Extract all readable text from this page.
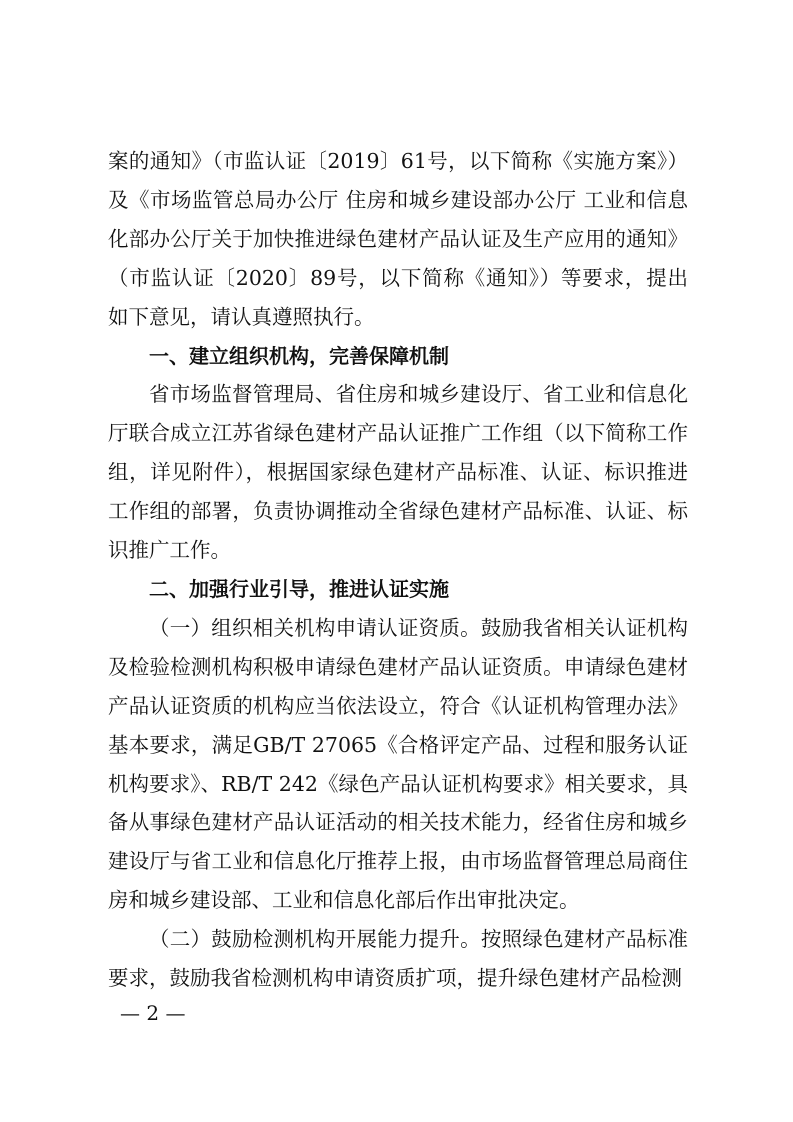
案的通知》（市监认证〔2019〕61号，以下简称《实施方案》）及《市场监管总局办公厅 住房和城乡建设部办公厅 工业和信息化部办公厅关于加快推进绿色建材产品认证及生产应用的通知》（市监认证〔2020〕89号，以下简称《通知》）等要求，提出如下意见，请认真遵照执行。

一、建立组织机构，完善保障机制

省市场监督管理局、省住房和城乡建设厅、省工业和信息化厅联合成立江苏省绿色建材产品认证推广工作组（以下简称工作组，详见附件），根据国家绿色建材产品标准、认证、标识推进工作组的部署，负责协调推动全省绿色建材产品标准、认证、标识推广工作。

二、加强行业引导，推进认证实施

（一）组织相关机构申请认证资质。鼓励我省相关认证机构及检验检测机构积极申请绿色建材产品认证资质。申请绿色建材产品认证资质的机构应当依法设立，符合《认证机构管理办法》基本要求，满足GB/T 27065《合格评定产品、过程和服务认证机构要求》、RB/T 242《绿色产品认证机构要求》相关要求，具备从事绿色建材产品认证活动的相关技术能力，经省住房和城乡建设厅与省工业和信息化厅推荐上报，由市场监督管理总局商住房和城乡建设部、工业和信息化部后作出审批决定。

（二）鼓励检测机构开展能力提升。按照绿色建材产品标准要求，鼓励我省检测机构申请资质扩项，提升绿色建材产品检测

— 2 —
